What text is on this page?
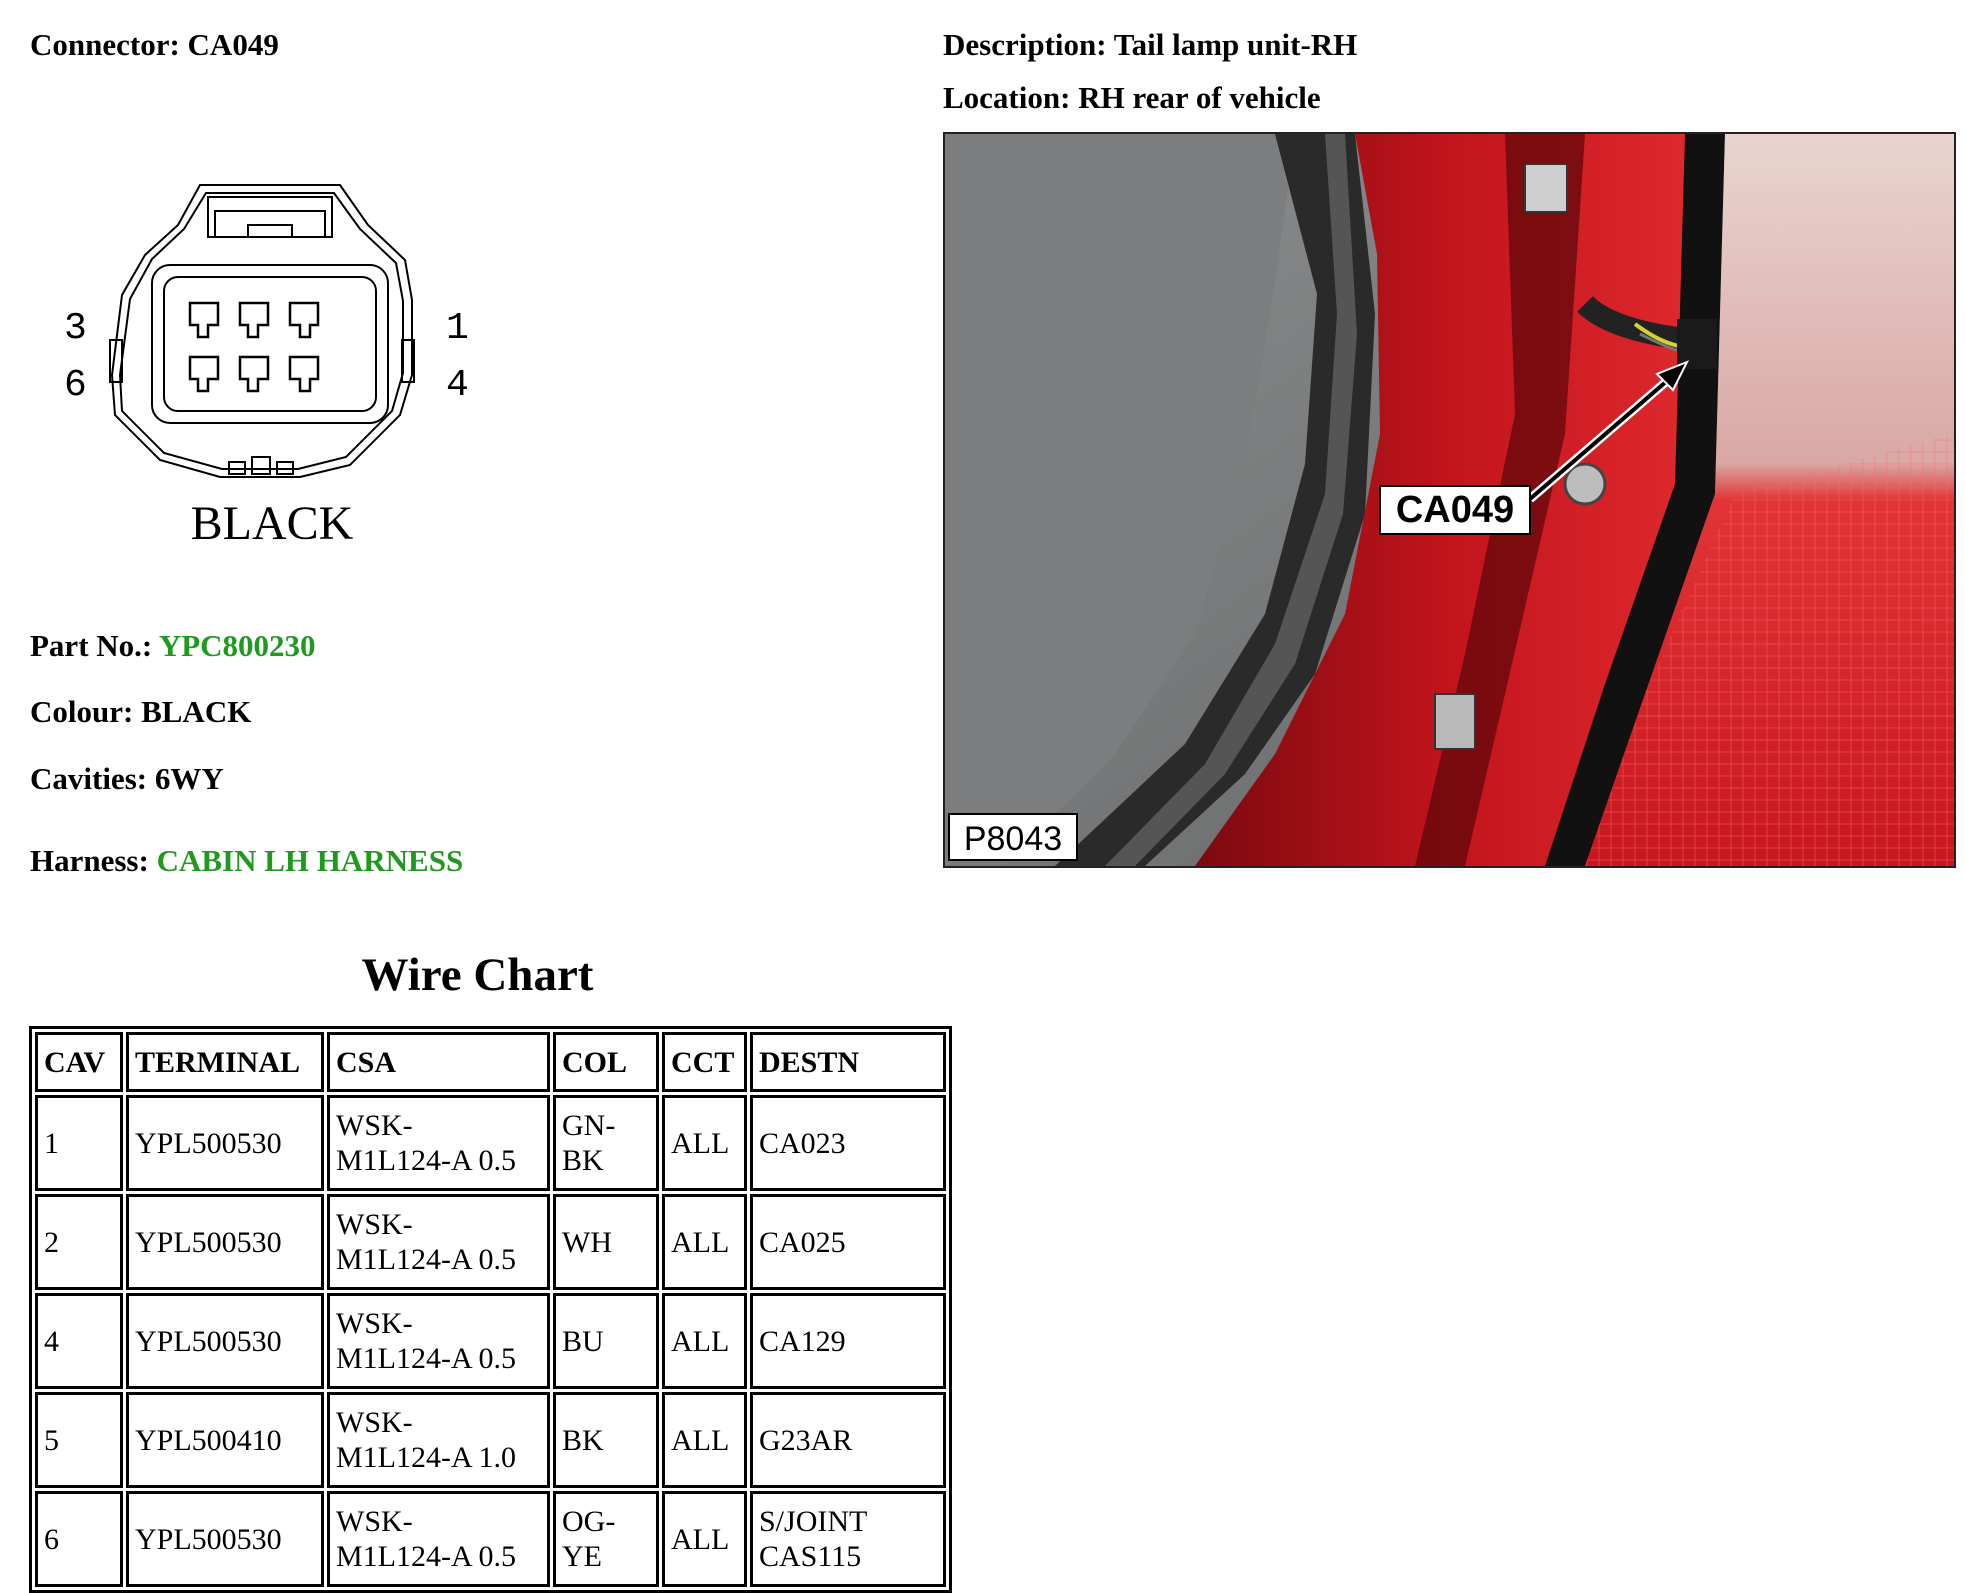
Connector: CA049	Description: Tail lamp unit-RH
Location: RH rear of vehicle
3
6
1
4
BLACK	CA049
P8043
Part No.: YPC800230
Colour: BLACK
Cavities: 6WY
Harness: CABIN LH HARNESS
Wire Chart
CAV	TERMINAL	CSA	COL	CCT	DESTN
1	YPL500530	WSK-
M1L124-A 0.5	GN-
BK	ALL	CA023
2	YPL500530	WSK-
M1L124-A 0.5	WH	ALL	CA025
4	YPL500530	WSK-
M1L124-A 0.5	BU	ALL	CA129
5	YPL500410	WSK-
M1L124-A 1.0	BK	ALL	G23AR
6	YPL500530	WSK-
M1L124-A 0.5	OG-
YE	ALL	S/JOINT
CAS115
